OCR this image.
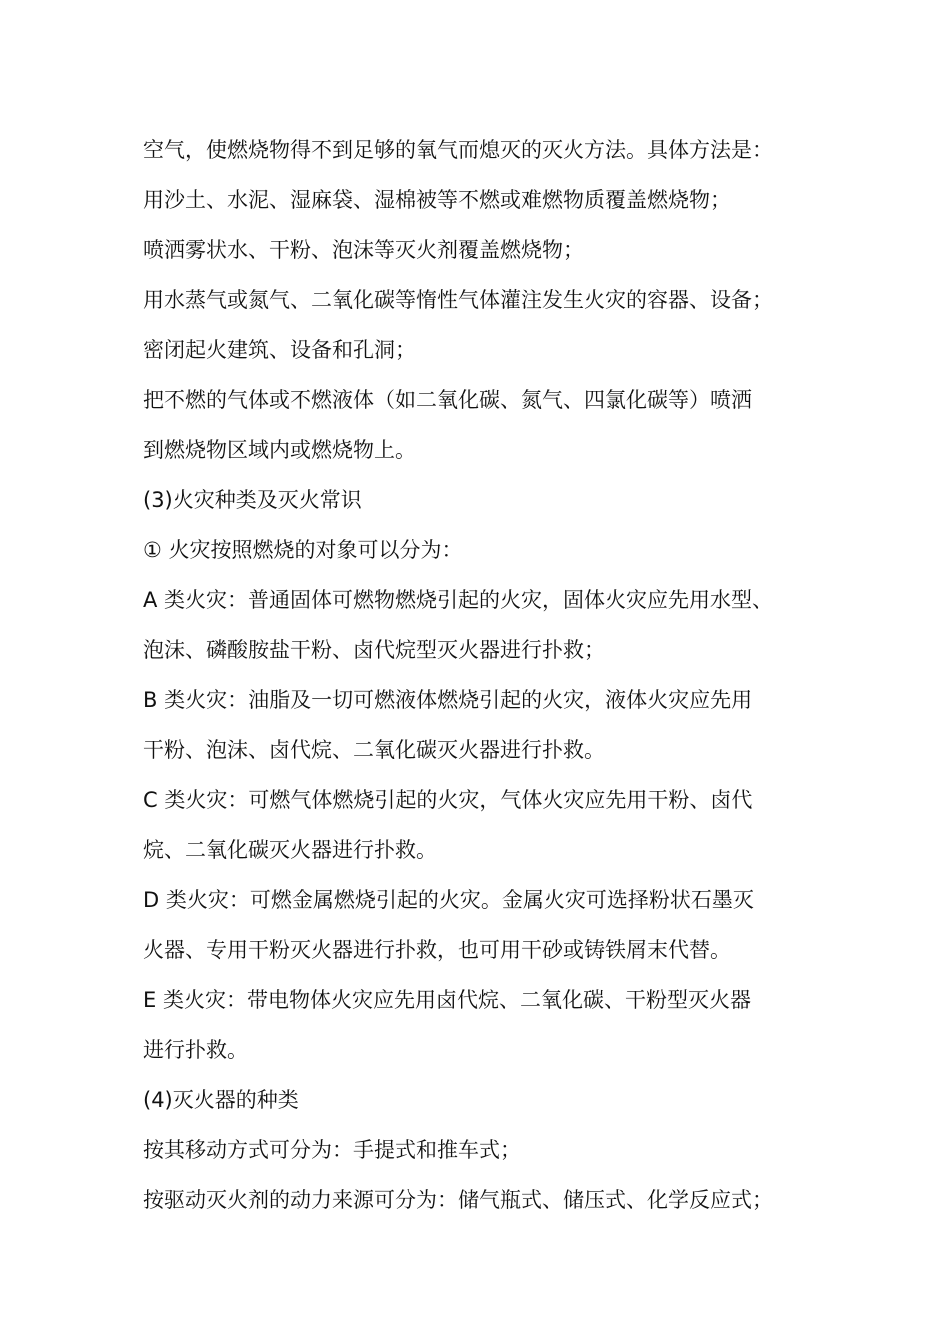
空气，使燃烧物得不到足够的氧气而熄灭的灭火方法。具体方法是：
用沙土、水泥、湿麻袋、湿棉被等不燃或难燃物质覆盖燃烧物；
喷洒雾状水、干粉、泡沫等灭火剂覆盖燃烧物；
用水蒸气或氮气、二氧化碳等惰性气体灌注发生火灾的容器、设备；
密闭起火建筑、设备和孔洞；
把不燃的气体或不燃液体（如二氧化碳、氮气、四氯化碳等）喷洒
到燃烧物区域内或燃烧物上。
(3)火灾种类及灭火常识
① 火灾按照燃烧的对象可以分为：
A 类火灾：普通固体可燃物燃烧引起的火灾，固体火灾应先用水型、
泡沫、磷酸胺盐干粉、卤代烷型灭火器进行扑救；
B 类火灾：油脂及一切可燃液体燃烧引起的火灾，液体火灾应先用
干粉、泡沫、卤代烷、二氧化碳灭火器进行扑救。
C 类火灾：可燃气体燃烧引起的火灾，气体火灾应先用干粉、卤代
烷、二氧化碳灭火器进行扑救。
D 类火灾：可燃金属燃烧引起的火灾。金属火灾可选择粉状石墨灭
火器、专用干粉灭火器进行扑救，也可用干砂或铸铁屑末代替。
E 类火灾：带电物体火灾应先用卤代烷、二氧化碳、干粉型灭火器
进行扑救。
(4)灭火器的种类
按其移动方式可分为：手提式和推车式；
按驱动灭火剂的动力来源可分为：储气瓶式、储压式、化学反应式；
